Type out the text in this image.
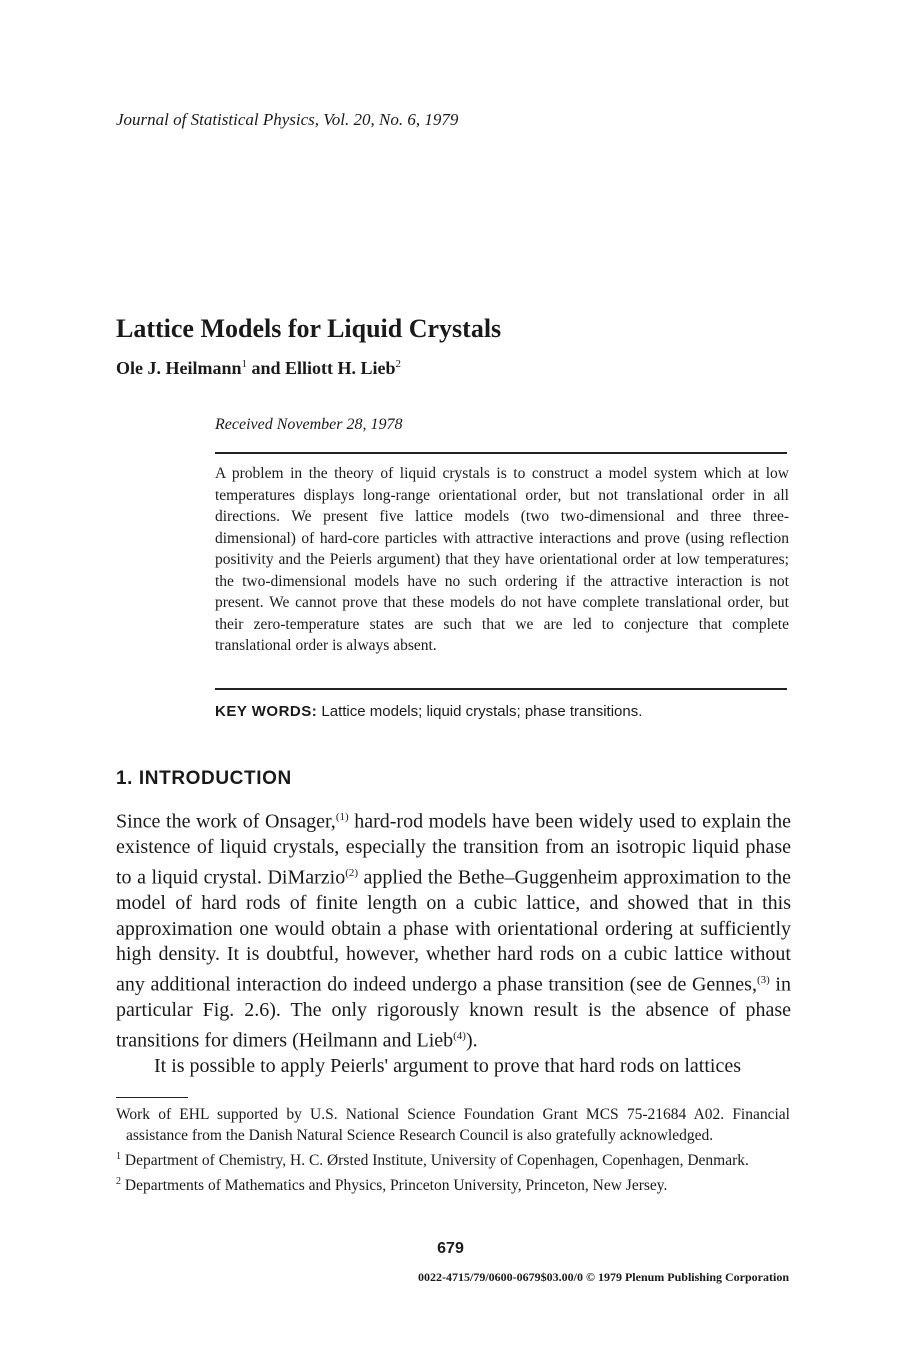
Journal of Statistical Physics, Vol. 20, No. 6, 1979
Lattice Models for Liquid Crystals
Ole J. Heilmann$^1$ and Elliott H. Lieb$^2$
Received November 28, 1978
A problem in the theory of liquid crystals is to construct a model system which at low temperatures displays long-range orientational order, but not translational order in all directions. We present five lattice models (two two-dimensional and three three-dimensional) of hard-core particles with attractive interactions and prove (using reflection positivity and the Peierls argument) that they have orientational order at low temperatures; the two-dimensional models have no such ordering if the attractive interaction is not present. We cannot prove that these models do not have complete translational order, but their zero-temperature states are such that we are led to conjecture that complete translational order is always absent.
KEY WORDS: Lattice models; liquid crystals; phase transitions.
1. INTRODUCTION

Since the work of Onsager,$^{(1)}$ hard-rod models have been widely used to explain the existence of liquid crystals, especially the transition from an isotropic liquid phase to a liquid crystal. DiMarzio$^{(2)}$ applied the Bethe–Guggenheim approximation to the model of hard rods of finite length on a cubic lattice, and showed that in this approximation one would obtain a phase with orientational ordering at sufficiently high density. It is doubtful, however, whether hard rods on a cubic lattice without any additional interaction do indeed undergo a phase transition (see de Gennes,$^{(3)}$ in particular Fig. 2.6). The only rigorously known result is the absence of phase transitions for dimers (Heilmann and Lieb$^{(4)}$).

It is possible to apply Peierls' argument to prove that hard rods on lattices

Work of EHL supported by U.S. National Science Foundation Grant MCS 75-21684 A02. Financial assistance from the Danish Natural Science Research Council is also gratefully acknowledged.

$^1$ Department of Chemistry, H. C. Ørsted Institute, University of Copenhagen, Copenhagen, Denmark.

$^2$ Departments of Mathematics and Physics, Princeton University, Princeton, New Jersey.

679
0022-4715/79/0600-0679$03.00/0 © 1979 Plenum Publishing Corporation
